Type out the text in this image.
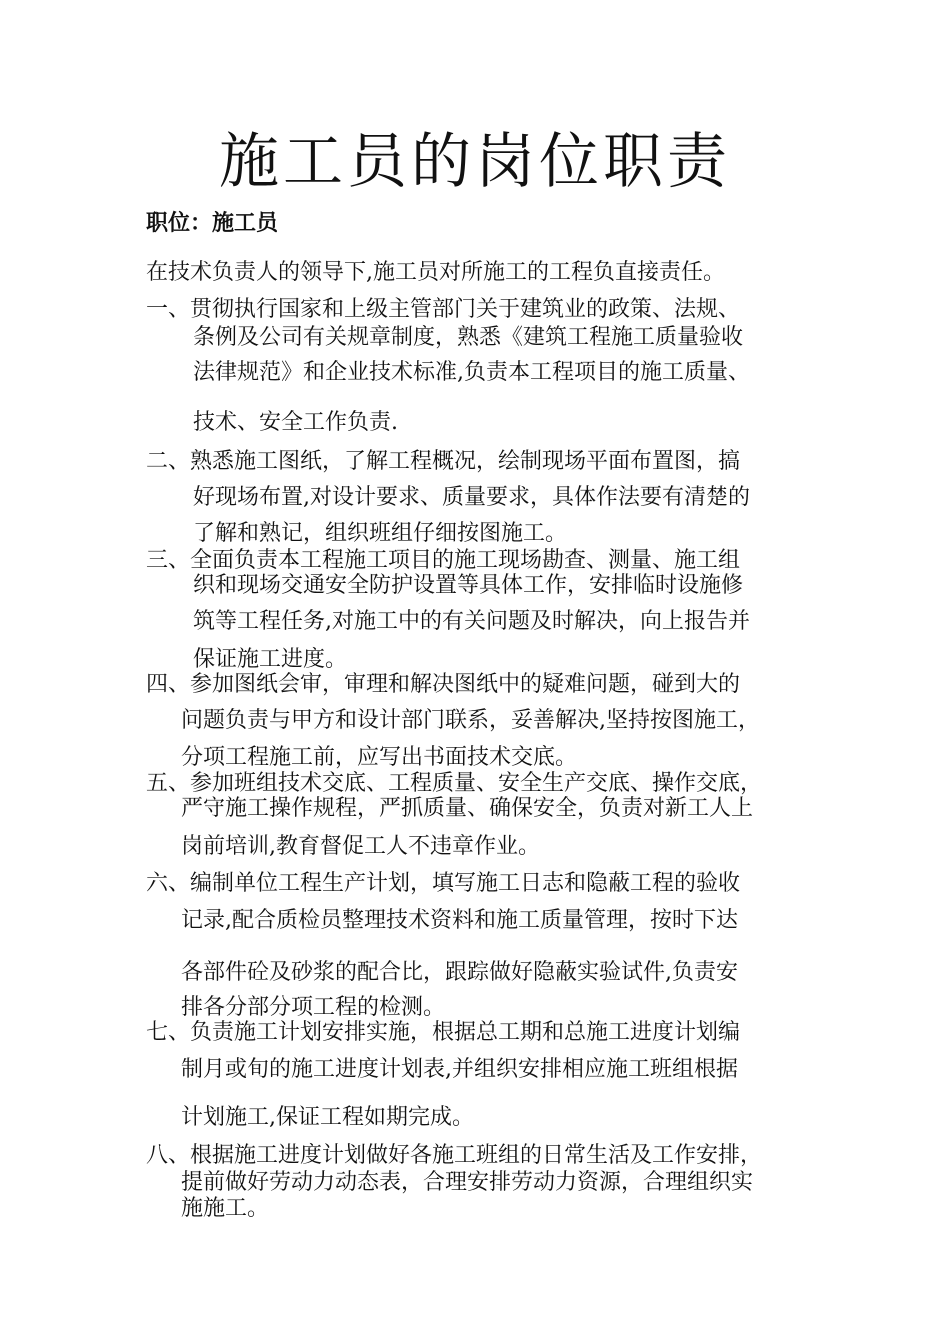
施工员的岗位职责
职位：施工员
在技术负责人的领导下,施工员对所施工的工程负直接责任。
一、贯彻执行国家和上级主管部门关于建筑业的政策、法规、
条例及公司有关规章制度，熟悉《建筑工程施工质量验收
法律规范》和企业技术标准,负责本工程项目的施工质量、
技术、安全工作负责.
二、熟悉施工图纸，了解工程概况，绘制现场平面布置图，搞
好现场布置,对设计要求、质量要求，具体作法要有清楚的
了解和熟记，组织班组仔细按图施工。
三、全面负责本工程施工项目的施工现场勘查、测量、施工组
织和现场交通安全防护设置等具体工作，安排临时设施修
筑等工程任务,对施工中的有关问题及时解决，向上报告并
保证施工进度。
四、参加图纸会审，审理和解决图纸中的疑难问题，碰到大的
问题负责与甲方和设计部门联系，妥善解决,坚持按图施工，
分项工程施工前，应写出书面技术交底。
五、参加班组技术交底、工程质量、安全生产交底、操作交底，
严守施工操作规程，严抓质量、确保安全，负责对新工人上
岗前培训,教育督促工人不违章作业。
六、编制单位工程生产计划，填写施工日志和隐蔽工程的验收
记录,配合质检员整理技术资料和施工质量管理，按时下达
各部件砼及砂浆的配合比，跟踪做好隐蔽实验试件,负责安
排各分部分项工程的检测。
七、负责施工计划安排实施，根据总工期和总施工进度计划编
制月或旬的施工进度计划表,并组织安排相应施工班组根据
计划施工,保证工程如期完成。
八、根据施工进度计划做好各施工班组的日常生活及工作安排，
提前做好劳动力动态表，合理安排劳动力资源，合理组织实
施施工。
